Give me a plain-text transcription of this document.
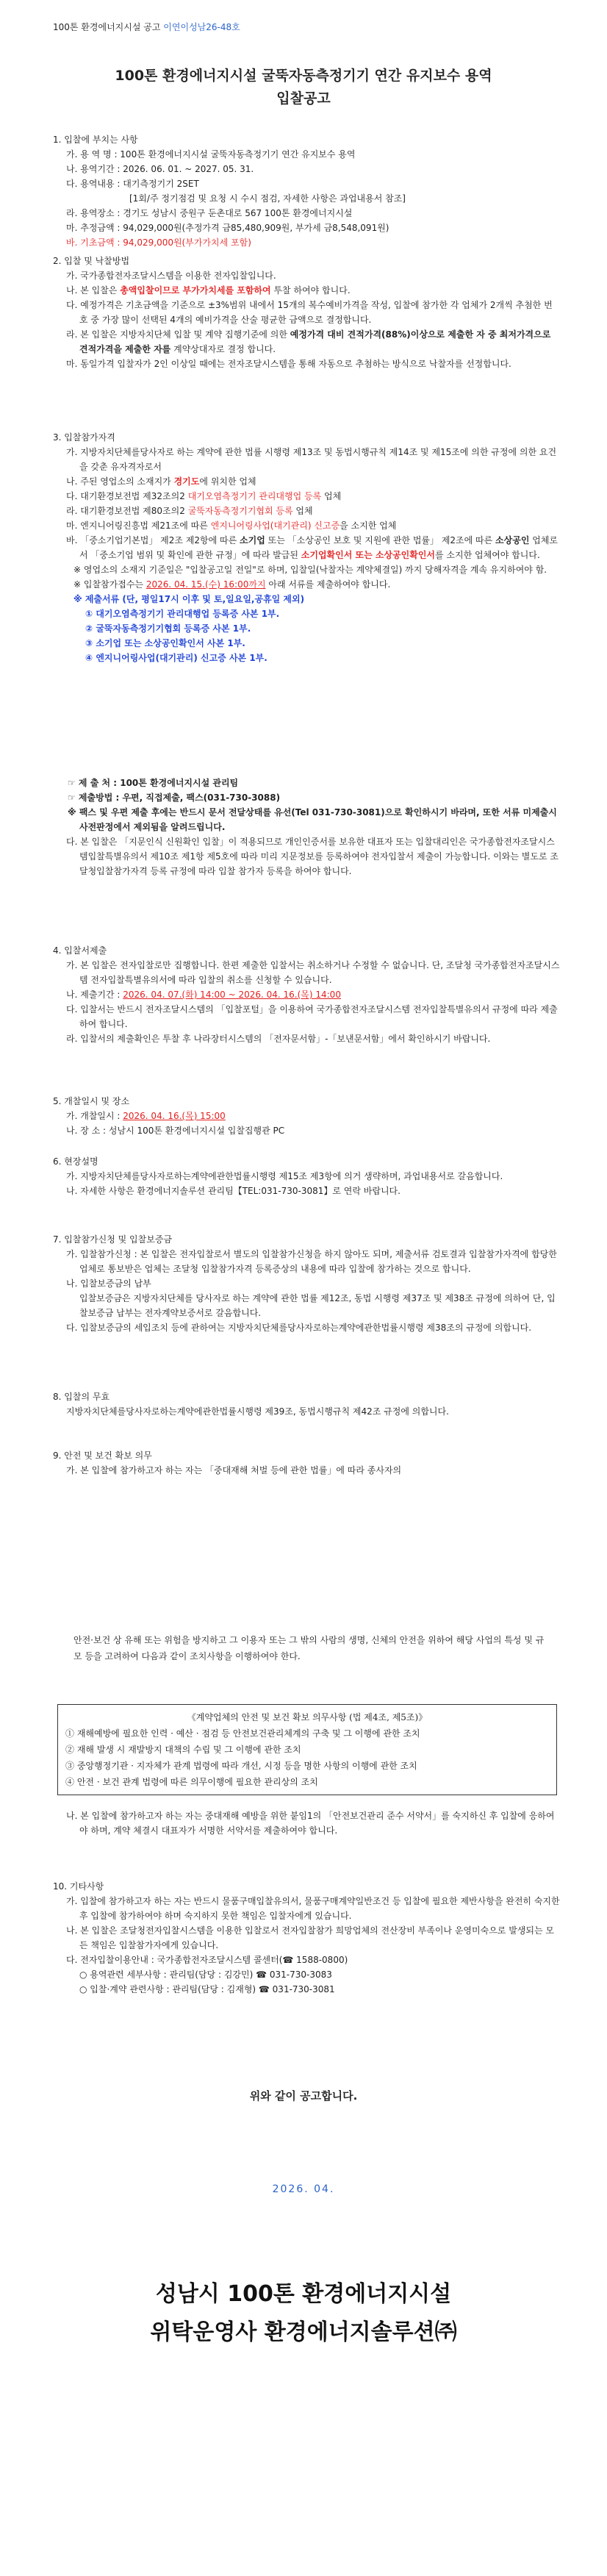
100톤 환경에너지시설 공고 이연이성남26-48호
100톤 환경에너지시설 굴뚝자동측정기기 연간 유지보수 용역
입찰공고

1. 입찰에 부치는 사항

가. 용 역 명 : 100톤 환경에너지시설 굴뚝자동측정기기 연간 유지보수 용역

나. 용역기간 : 2026. 06. 01. ~ 2027. 05. 31.

다. 용역내용 : 대기측정기기 2SET

[1회/주 정기점검 및 요청 시 수시 점검, 자세한 사항은 과업내용서 참조]

라. 용역장소 : 경기도 성남시 중원구 둔촌대로 567 100톤 환경에너지시설

마. 추정금액 : 94,029,000원(추정가격 금85,480,909원, 부가세 금8,548,091원)

바. 기초금액 : 94,029,000원(부가가치세 포함)

2. 입찰 및 낙찰방법

가. 국가종합전자조달시스템을 이용한 전자입찰입니다.

나. 본 입찰은 총액입찰이므로 부가가치세를 포함하여 투찰 하여야 합니다.

다. 예정가격은 기초금액을 기준으로 ±3%범위 내에서 15개의 복수예비가격을 작성, 입찰에 참가한 각 업체가 2개씩 추첨한 번호 중 가장 많이 선택된 4개의 예비가격을 산술 평균한 금액으로 결정합니다.

라. 본 입찰은 지방자치단체 입찰 및 계약 집행기준에 의한 예정가격 대비 견적가격(88%)이상으로 제출한 자 중 최저가격으로 견적가격을 제출한 자를 계약상대자로 결정 합니다.

마. 동일가격 입찰자가 2인 이상일 때에는 전자조달시스템을 통해 자동으로 추첨하는 방식으로 낙찰자를 선정합니다.

3. 입찰참가자격

가. 지방자치단체를당사자로 하는 계약에 관한 법률 시행령 제13조 및 동법시행규칙 제14조 및 제15조에 의한 규정에 의한 요건을 갖춘 유자격자로서

나. 주된 영업소의 소재지가 경기도에 위치한 업체

다. 대기환경보전법 제32조의2 대기오염측정기기 관리대행업 등록 업체

라. 대기환경보전법 제80조의2 굴뚝자동측정기기협회 등록 업체

마. 엔지니어링진흥법 제21조에 따른 엔지니어링사업(대기관리) 신고증을 소지한 업체

바. 「중소기업기본법」 제2조 제2항에 따른 소기업 또는 「소상공인 보호 및 지원에 관한 법률」 제2조에 따른 소상공인 업체로서 「중소기업 범위 및 확인에 관한 규정」에 따라 발급된 소기업확인서 또는 소상공인확인서를 소지한 업체여야 합니다.

※ 영업소의 소재지 기준일은 "입찰공고일 전일"로 하며, 입찰일(낙찰자는 계약체결일) 까지 당해자격을 계속 유지하여야 함.

※ 입찰참가접수는 2026. 04. 15.(수) 16:00까지 아래 서류를 제출하여야 합니다.

※ 제출서류 (단, 평일17시 이후 및 토,일요일,공휴일 제외)

① 대기오염측정기기 관리대행업 등록증 사본 1부.

② 굴뚝자동측정기기협회 등록증 사본 1부.

③ 소기업 또는 소상공인확인서 사본 1부.

④ 엔지니어링사업(대기관리) 신고증 사본 1부.

☞ 제 출 처 : 100톤 환경에너지시설 관리팀

☞ 제출방법 : 우편, 직접제출, 팩스(031-730-3088)

※ 팩스 및 우편 제출 후에는 반드시 문서 전달상태를 유선(Tel 031-730-3081)으로 확인하시기 바라며, 또한 서류 미제출시 사전판정에서 제외됨을 알려드립니다.

다. 본 입찰은 「지문인식 신원확인 입찰」이 적용되므로 개인인증서를 보유한 대표자 또는 입찰대리인은 국가종합전자조달시스템입찰특별유의서 제10조 제1항 제5호에 따라 미리 지문정보를 등록하여야 전자입찰서 제출이 가능합니다. 이와는 별도로 조달청입찰참가자격 등록 규정에 따라 입찰 참가자 등록을 하여야 합니다.

4. 입찰서제출

가. 본 입찰은 전자입찰로만 집행합니다. 한편 제출한 입찰서는 취소하거나 수정할 수 없습니다. 단, 조달청 국가종합전자조달시스템 전자입찰특별유의서에 따라 입찰의 취소를 신청할 수 있습니다.

나. 제출기간 : 2026. 04. 07.(화) 14:00 ~ 2026. 04. 16.(목) 14:00

다. 입찰서는 반드시 전자조달시스템의 「입찰포털」을 이용하여 국가종합전자조달시스템 전자입찰특별유의서 규정에 따라 제출하여 합니다.

라. 입찰서의 제출확인은 투찰 후 나라장터시스템의 「전자문서함」-「보낸문서함」에서 확인하시기 바랍니다.

5. 개찰일시 및 장소

가. 개찰일시 : 2026. 04. 16.(목) 15:00

나. 장 소 : 성남시 100톤 환경에너지시설 입찰집행관 PC

6. 현장설명

가. 지방자치단체를당사자로하는계약에관한법률시행령 제15조 제3항에 의거 생략하며, 과업내용서로 갈음합니다.

나. 자세한 사항은 환경에너지솔루션 관리팀【TEL:031-730-3081】로 연락 바랍니다.

7. 입찰참가신청 및 입찰보증금

가. 입찰참가신청 : 본 입찰은 전자입찰로서 별도의 입찰참가신청을 하지 않아도 되며, 제출서류 검토결과 입찰참가자격에 합당한 업체로 통보받은 업체는 조달청 입찰참가자격 등록증상의 내용에 따라 입찰에 참가하는 것으로 합니다.

나. 입찰보증금의 납부

입찰보증금은 지방자치단체를 당사자로 하는 계약에 관한 법률 제12조, 동법 시행령 제37조 및 제38조 규정에 의하여 단, 입찰보증금 납부는 전자계약보증서로 갈음합니다.

다. 입찰보증금의 세입조치 등에 관하여는 지방자치단체를당사자로하는계약에관한법률시행령 제38조의 규정에 의합니다.

8. 입찰의 무효

지방자치단체를당사자로하는계약에관한법률시행령 제39조, 동법시행규칙 제42조 규정에 의합니다.

9. 안전 및 보건 확보 의무

가. 본 입찰에 참가하고자 하는 자는 「중대재해 처벌 등에 관한 법률」에 따라 종사자의

안전·보건 상 유해 또는 위험을 방지하고 그 이용자 또는 그 밖의 사람의 생명, 신체의 안전을 위하여 해당 사업의 특성 및 규모 등을 고려하여 다음과 같이 조치사항을 이행하여야 한다.

《계약업체의 안전 및 보건 확보 의무사항 (법 제4조, 제5조)》
① 재해예방에 필요한 인력 · 예산 · 점검 등 안전보건관리체계의 구축 및 그 이행에 관한 조치
② 재해 발생 시 재발방지 대책의 수립 및 그 이행에 관한 조치
③ 중앙행정기관 · 지자체가 관계 법령에 따라 개선, 시정 등을 명한 사항의 이행에 관한 조치
④ 안전 · 보건 관계 법령에 따른 의무이행에 필요한 관리상의 조치

나. 본 입찰에 참가하고자 하는 자는 중대재해 예방을 위한 붙임1의 「안전보건관리 준수 서약서」를 숙지하신 후 입찰에 응하여야 하며, 계약 체결시 대표자가 서명한 서약서를 제출하여야 합니다.

10. 기타사항

가. 입찰에 참가하고자 하는 자는 반드시 물품구매입찰유의서, 물품구매계약일반조건 등 입찰에 필요한 제반사항을 완전히 숙지한 후 입찰에 참가하여야 하며 숙지하지 못한 책임은 입찰자에게 있습니다.

나. 본 입찰은 조달청전자입찰시스템을 이용한 입찰로서 전자입찰참가 희망업체의 전산장비 부족이나 운영미숙으로 발생되는 모든 책임은 입찰참가자에게 있습니다.

다. 전자입찰이용안내 : 국가종합전자조달시스템 콜센터(☎ 1588-0800)

○ 용역관련 세부사항 : 관리팀(담당 : 김강민) ☎ 031-730-3083

○ 입찰·계약 관련사항 : 관리팀(담당 : 김재형) ☎ 031-730-3081

위와 같이 공고합니다.
2026. 04.
성남시 100톤 환경에너지시설
위탁운영사 환경에너지솔루션㈜
